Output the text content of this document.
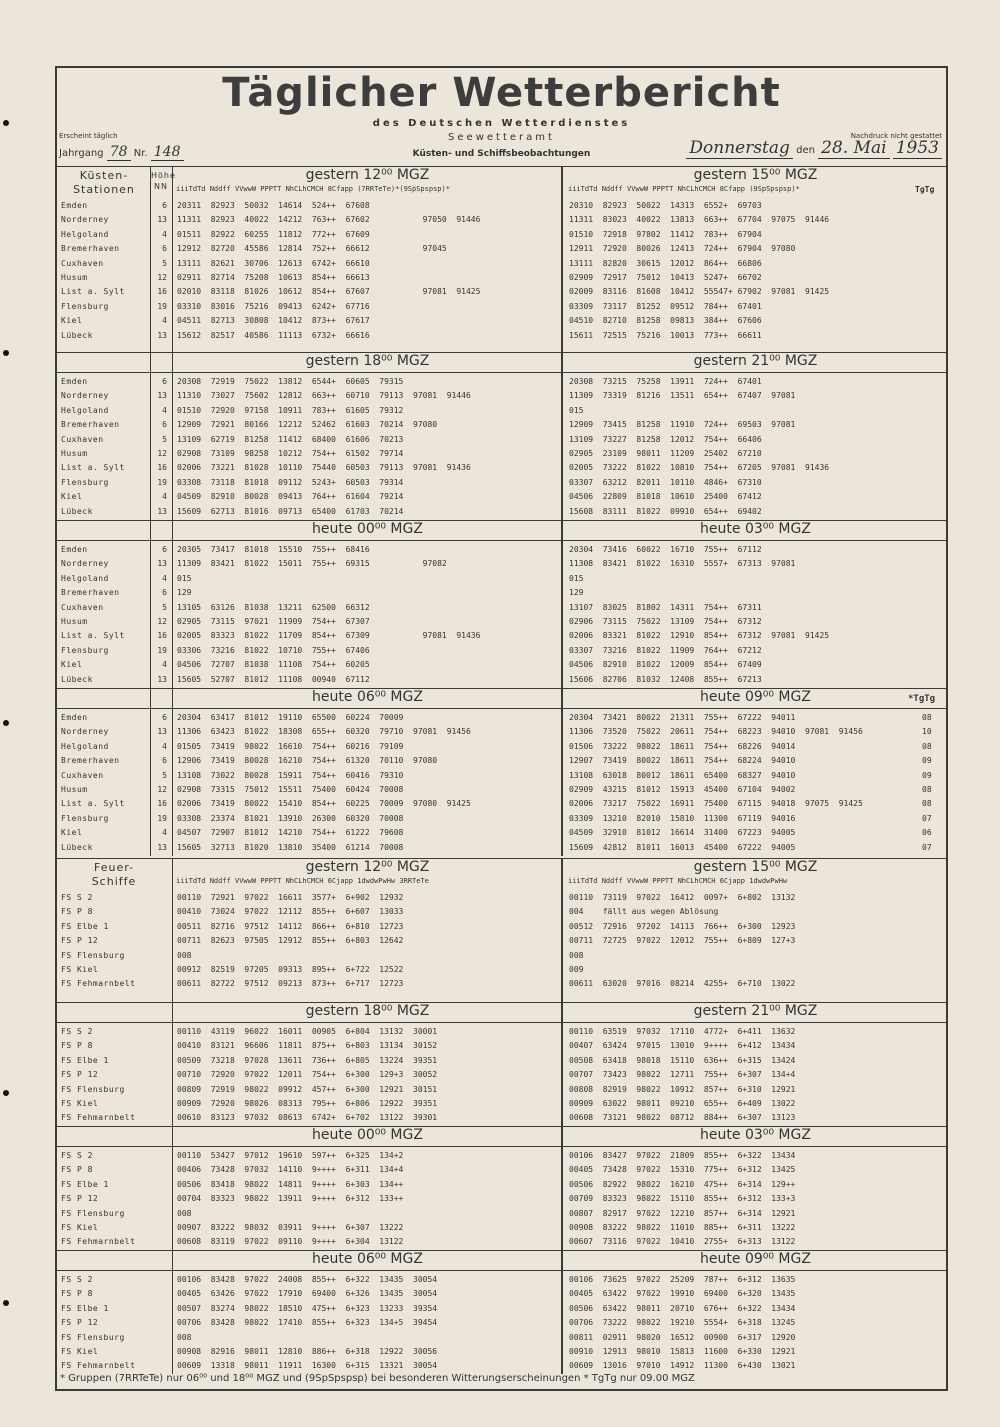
Täglicher Wetterbericht
des Deutschen Wetterdienstes
Seewetteramt
Küsten- und Schiffsbeobachtungen
Erscheint täglich	Nachdruck nicht gestattet
Jahrgang 78 Nr. 148	Donnerstag den 28. Mai 1953
gestern 12⁰⁰ MGZ	gestern 15⁰⁰ MGZ
Küsten-
Stationen
Höhe
NN	iiiTdTd Nddff VVwwW PPPTT NhCLhCMCH 8Cfapp (7RRTeTe)*(9SpSpspsp)*	iiiTdTd Nddff VVwwW PPPTT NhCLhCMCH 8Cfapp (9SpSpspsp)*	TgTg
Emden	6 20311  82923  50032  14614  524++  67608	20310  82923  50022  14313  6552+  69703
Norderney	13 11311  82923  40022  14212  763++  67602           97050  91446	11311  83023  40022  13813  663++  67704  97075  91446
Helgoland	4 01511  82922  60255  11812  772++  67609	01510  72918  97802  11412  783++  67904
Bremerhaven	6 12912  82720  45586  12814  752++  66612           97045	12911  72920  80026  12413  724++  67904  97080
Cuxhaven	5 13111  82621  30706  12613  6742+  66610	13111  82820  30615  12012  864++  66806
Husum	12 02911  82714  75208  10613  854++  66613	02909  72917  75012  10413  5247+  66702
List a. Sylt	16 02010  83118  81026  10612  854++  67607           97081  91425	02009  83116  81608  10412  55547+ 67902  97081  91425
Flensburg	19 03310  83016  75216  09413  6242+  67716	03309  73117  81252  09512  784++  67401
Kiel	4 04511  82713  30808  10412  873++  67617	04510  82710  81258  09813  384++  67606
Lübeck	13 15612  82517  40586  11113  6732+  66616	15611  72515  75216  10013  773++  66611
gestern 18⁰⁰ MGZ	gestern 21⁰⁰ MGZ
Emden	6 20308  72919  75022  13812  6544+  60605  79315	20308  73215  75258  13911  724++  67401
Norderney	13 11310  73027  75602  12812  663++  60710  79113  97081  91446	11309  73319  81216  13511  654++  67407  97081
Helgoland	4 01510  72920  97158  10911  783++  61605  79312	015
Bremerhaven	6 12909  72921  80166  12212  52462  61603  70214  97080	12909  73415  81258  11910  724++  69503  97081
Cuxhaven	5 13109  62719  81258  11412  68400  61606  70213	13109  73227  81258  12012  754++  66406
Husum	12 02908  73109  98258  10212  754++  61502  79714	02905  23109  98011  11209  25402  67210
List a. Sylt	16 02006  73221  81028  10110  75440  60503  79113  97081  91436	02005  73222  81022  10810  754++  67205  97081  91436
Flensburg	19 03308  73118  81018  09112  5243+  60503  79314	03307  63212  82011  10110  4846+  67310
Kiel	4 04509  82910  80028  09413  764++  61604  79214	04506  22809  81018  10610  25400  67412
Lübeck	13 15609  62713  81016  09713  65400  61703  70214	15608  83111  81022  09910  654++  69402
heute 00⁰⁰ MGZ	heute 03⁰⁰ MGZ
Emden	6 20305  73417  81018  15510  755++  68416	20304  73416  60022  16710  755++  67112
Norderney	13 11309  83421  81022  15011  755++  69315           97082	11308  83421  81022  16310  5557+  67313  97081
Helgoland	4 015	015
Bremerhaven	6 129	129
Cuxhaven	5 13105  63126  81038  13211  62500  66312	13107  83025  81802  14311  754++  67311
Husum	12 02905  73115  97021  11909  754++  67307	02906  73115  75022  13109  754++  67312
List a. Sylt	16 02005  83323  81022  11709  854++  67309           97081  91436	02006  83321  81022  12910  854++  67312  97081  91425
Flensburg	19 03306  73216  81022  10710  755++  67406	03307  73216  81022  11909  764++  67212
Kiel	4 04506  72707  81038  11108  754++  60205	04506  82910  81022  12009  854++  67409
Lübeck	13 15605  52707  81012  11108  00940  67112	15606  82706  81032  12408  855++  67213
heute 06⁰⁰ MGZ	heute 09⁰⁰ MGZ
Emden	6 20304  63417  81012  19110  65500  60224  70009	20304  73421  80022  21311  755++  67222  94011	08
Norderney	13 11306  63423  81022  18308  655++  60320  79710  97081  91456	11306  73520  75022  20611  754++  68223  94010  97081  91456	10
Helgoland	4 01505  73419  98022  16610  754++  60216  79109	01506  73222  98022  18611  754++  68226  94014	08
Bremerhaven	6 12906  73419  80028  16210  754++  61320  70110  97080	12907  73419  80022  18611  754++  68224  94010	09
Cuxhaven	5 13108  73022  80028  15911  754++  60416  79310	13108  63018  80012  18611  65400  68327  94010	09
Husum	12 02908  73315  75012  15511  75400  60424  70008	02909  43215  81012  15913  45400  67104  94002	08
List a. Sylt	16 02006  73419  80022  15410  854++  60225  70009  97080  91425	02006  73217  75022  16911  75400  67115  94018  97075  91425	08
Flensburg	19 03308  23374  81021  13910  26300  60320  70008	03309  13210  82010  15810  11300  67119  94016	07
Kiel	4 04507  72907  81012  14210  754++  61222  79608	04509  32910  81012  16614  31400  67223  94005	06
Lübeck	13 15605  32713  81020  13810  35400  61214  70008	15609  42812  81011  16013  45400  67222  94005	07
*TgTg
gestern 12⁰⁰ MGZ	gestern 15⁰⁰ MGZ
Feuer-
Schiffe	iiiTdTd Nddff VVwwW PPPTT NhCLhCMCH 6Cjapp 1dwdwPwHw 3RRTeTe	iiiTdTd Nddff VVwwW PPPTT NhCLhCMCH 6Cjapp 1dwdwPwHw
FS S 2	00110  72921  97022  16611  3577+  6+902  12932	00110  73119  97022  16412  0097+  6+802  13132
FS P 8	00410  73024  97022  12112  855++  6+607  13033	004    fällt aus wegen Ablösung
FS Elbe 1	00511  82716  97512  14112  866++  6+810  12723	00512  72916  97202  14113  766++  6+300  12923
FS P 12	00711  82623  97505  12912  855++  6+803  12642	00711  72725  97022  12012  755++  6+809  127+3
FS Flensburg	008	008
FS Kiel	00912  82519  97205  09313  895++  6+722  12522	009
FS Fehmarnbelt	00611  82722  97512  09213  873++  6+717  12723	00611  63020  97016  08214  4255+  6+710  13022
gestern 18⁰⁰ MGZ	gestern 21⁰⁰ MGZ
FS S 2	00110  43119  96022  16011  00905  6+804  13132  30001	00110  63519  97032  17110  4772+  6+411  13632
FS P 8	00410  83121  96606  11811  875++  6+803  13134  30152	00407  63424  97015  13010  9++++  6+412  13434
FS Elbe 1	00509  73218  97028  13611  736++  6+805  13224  39351	00508  63418  98018  15110  636++  6+315  13424
FS P 12	00710  72920  97022  12011  754++  6+300  129+3  30052	00707  73423  98022  12711  755++  6+307  134+4
FS Flensburg	00809  72919  98022  09912  457++  6+300  12921  30151	00808  82919  98022  10912  857++  6+310  12921
FS Kiel	00909  72920  98026  08313  795++  6+806  12922  39351	00909  63022  98011  09210  655++  6+409  13022
FS Fehmarnbelt	00610  83123  97032  08613  6742+  6+702  13122  39301	00608  73121  98022  08712  884++  6+307  13123
heute 00⁰⁰ MGZ	heute 03⁰⁰ MGZ
FS S 2	00110  53427  97012  19610  597++  6+325  134+2	00106  83427  97022  21809  855++  6+322  13434
FS P 8	00406  73428  97032  14110  9++++  6+311  134+4	00405  73428  97022  15310  775++  6+312  13425
FS Elbe 1	00506  83418  98022  14811  9++++  6+303  134++	00506  82922  98022  16210  475++  6+314  129++
FS P 12	00704  83323  98022  13911  9++++  6+312  133++	00709  83323  98022  15110  855++  6+312  133+3
FS Flensburg	008	00807  82917  97022  12210  857++  6+314  12921
FS Kiel	00907  83222  98032  03911  9++++  6+307  13222	00908  83222  98022  11010  885++  6+311  13222
FS Fehmarnbelt	00608  83119  97022  09110  9++++  6+304  13122	00607  73116  97022  10410  2755+  6+313  13122
heute 06⁰⁰ MGZ	heute 09⁰⁰ MGZ
FS S 2	00106  83428  97022  24008  855++  6+322  13435  30054	00106  73625  97022  25209  787++  6+312  13635
FS P 8	00405  63426  97022  17910  69400  6+326  13435  30054	00405  63422  97022  19910  69400  6+320  13435
FS Elbe 1	00507  83274  98022  18510  475++  6+323  13233  39354	00506  63422  98011  20710  676++  6+322  13434
FS P 12	00706  83428  98022  17410  855++  6+323  134+5  39454	00706  73222  98022  19210  5554+  6+318  13245
FS Flensburg	008	00811  02911  98020  16512  00900  6+317  12920
FS Kiel	00908  82916  98011  12810  886++  6+318  12922  30056	00910  12913  98010  15813  11600  6+330  12921
FS Fehmarnbelt	00609  13318  98011  11911  16300  6+315  13321  30054	00609  13016  97010  14912  11300  6+430  13021
* Gruppen (7RRTeTe) nur 06⁰⁰ und 18⁰⁰ MGZ und (9SpSpspsp) bei besonderen Witterungserscheinungen * TgTg nur 09.00 MGZ
